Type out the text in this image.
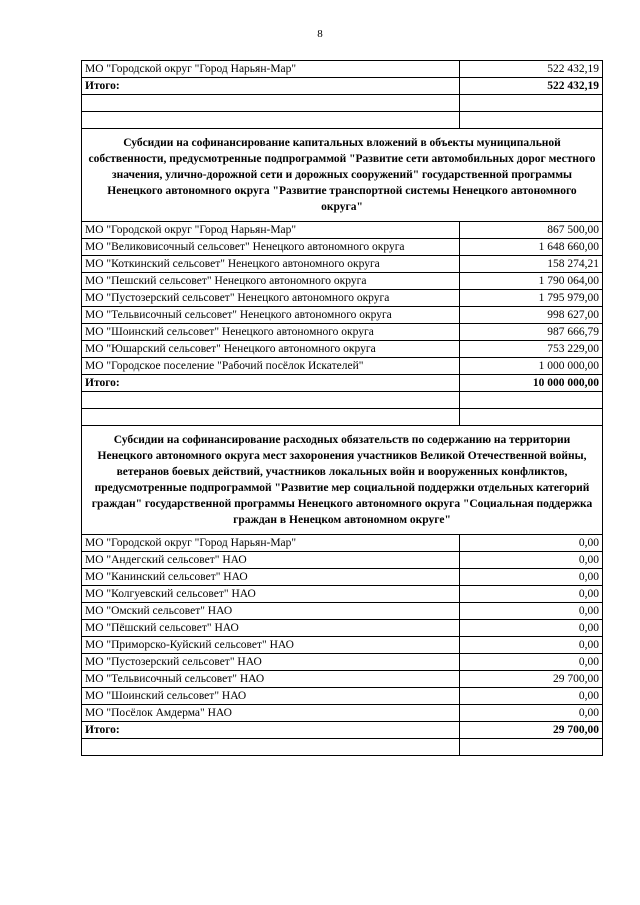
8
МО "Городской округ "Город Нарьян-Мар"	522 432,19
Итого:	522 432,19

Субсидии на софинансирование капитальных вложений в объекты муниципальной собственности, предусмотренные подпрограммой "Развитие сети автомобильных дорог местного значения, улично-дорожной сети и дорожных сооружений" государственной программы Ненецкого автономного округа "Развитие транспортной системы Ненецкого автономного округа"	
МО "Городской округ "Город Нарьян-Мар"	867 500,00
МО "Великовисочный сельсовет" Ненецкого автономного округа	1 648 660,00
МО "Коткинский сельсовет" Ненецкого автономного округа	158 274,21
МО "Пешский сельсовет" Ненецкого автономного округа	1 790 064,00
МО "Пустозерский сельсовет" Ненецкого автономного округа	1 795 979,00
МО "Тельвисочный сельсовет" Ненецкого автономного округа	998 627,00
МО "Шоинский сельсовет" Ненецкого автономного округа	987 666,79
МО "Юшарский сельсовет" Ненецкого автономного округа	753 229,00
МО "Городское поселение "Рабочий посёлок Искателей"	1 000 000,00
Итого:	10 000 000,00

Субсидии на софинансирование расходных обязательств по содержанию на территории Ненецкого автономного округа мест захоронения участников Великой Отечественной войны, ветеранов боевых действий, участников локальных войн и вооруженных конфликтов, предусмотренные подпрограммой "Развитие мер социальной поддержки отдельных категорий граждан" государственной программы Ненецкого автономного округа "Социальная поддержка граждан в Ненецком автономном округе"	
МО "Городской округ "Город Нарьян-Мар"	0,00
МО "Андегский сельсовет" НАО	0,00
МО "Канинский сельсовет" НАО	0,00
МО "Колгуевский сельсовет" НАО	0,00
МО "Омский сельсовет" НАО	0,00
МО "Пёшский сельсовет" НАО	0,00
МО "Приморско-Куйский сельсовет" НАО	0,00
МО "Пустозерский сельсовет" НАО	0,00
МО "Тельвисочный сельсовет" НАО	29 700,00
МО "Шоинский сельсовет" НАО	0,00
МО "Посёлок Амдерма" НАО	0,00
Итого:	29 700,00
